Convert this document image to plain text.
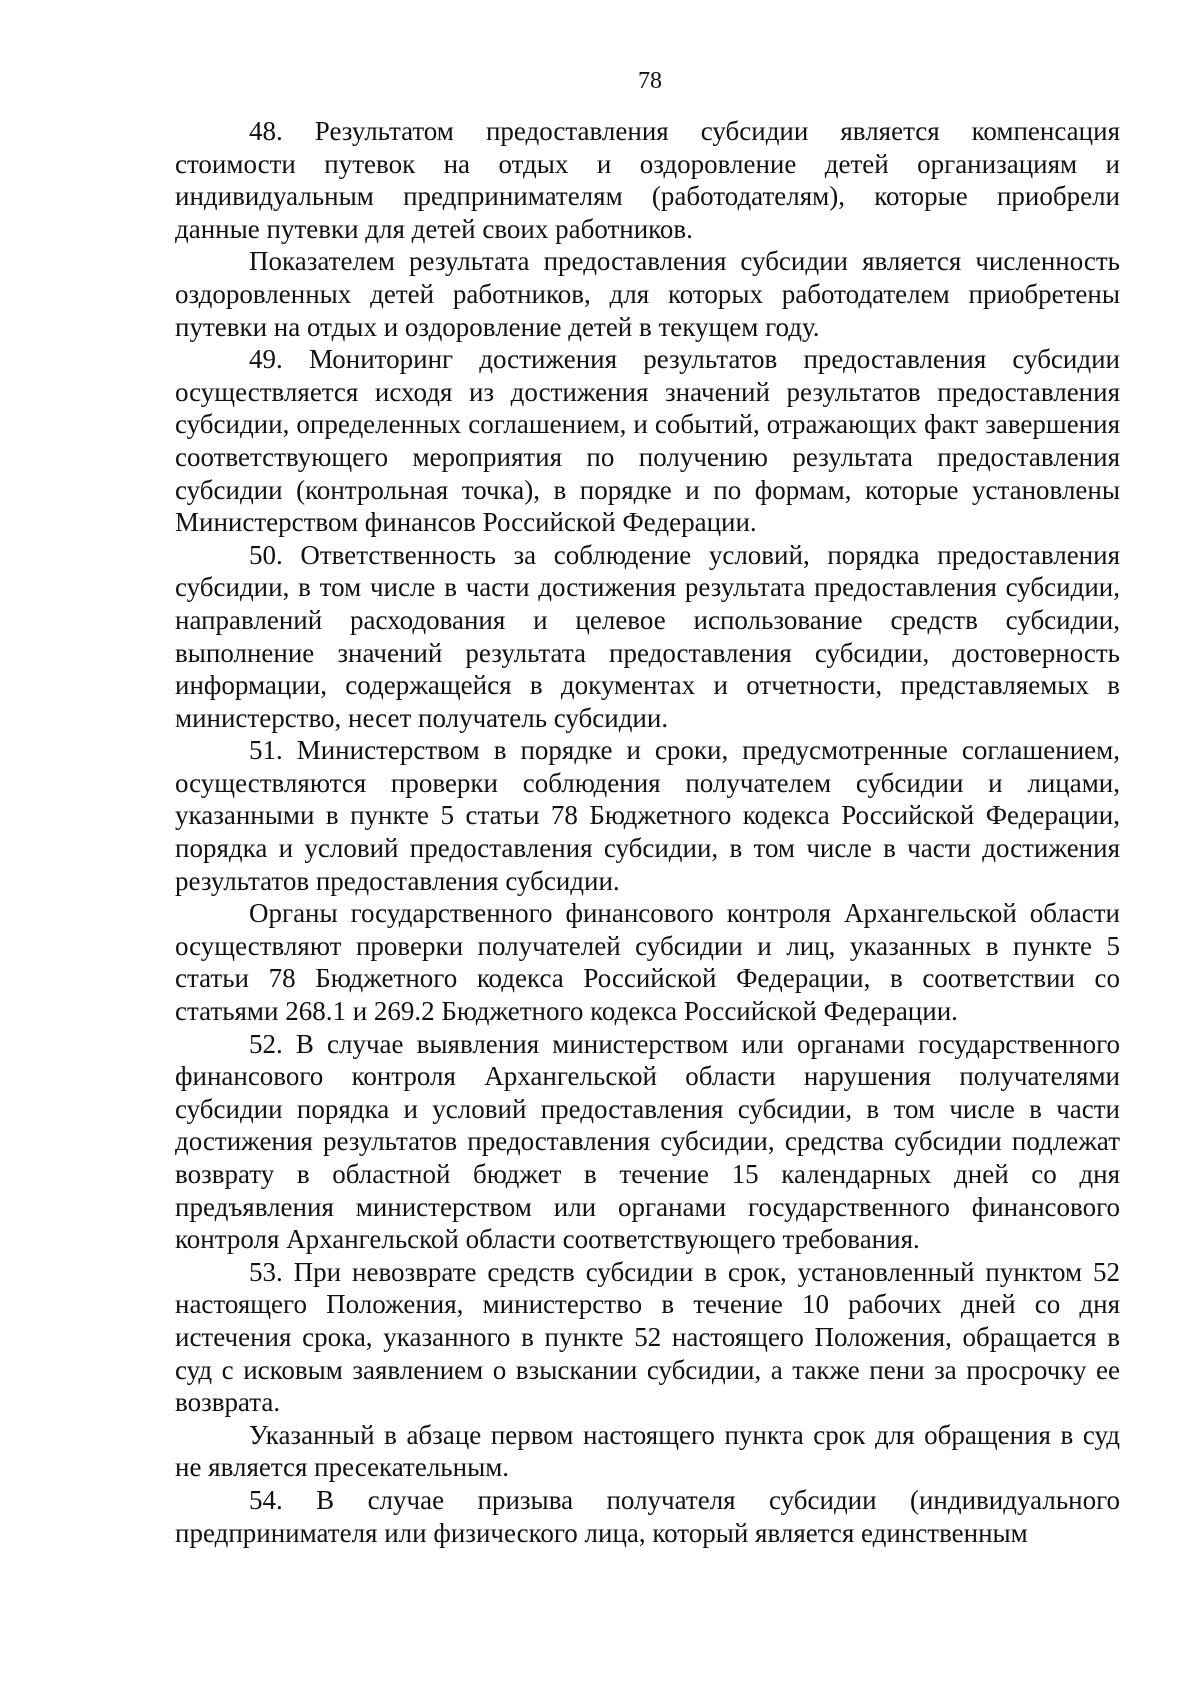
78

48. Результатом предоставления субсидии является компенсация стоимости путевок на отдых и оздоровление детей организациям и индивидуальным предпринимателям (работодателям), которые приобрели данные путевки для детей своих работников.

Показателем результата предоставления субсидии является численность оздоровленных детей работников, для которых работодателем приобретены путевки на отдых и оздоровление детей в текущем году.

49. Мониторинг достижения результатов предоставления субсидии осуществляется исходя из достижения значений результатов предоставления субсидии, определенных соглашением, и событий, отражающих факт завершения соответствующего мероприятия по получению результата предоставления субсидии (контрольная точка), в порядке и по формам, которые установлены Министерством финансов Российской Федерации.

50. Ответственность за соблюдение условий, порядка предоставления субсидии, в том числе в части достижения результата предоставления субсидии, направлений расходования и целевое использование средств субсидии, выполнение значений результата предоставления субсидии, достоверность информации, содержащейся в документах и отчетности, представляемых в министерство, несет получатель субсидии.

51. Министерством в порядке и сроки, предусмотренные соглашением, осуществляются проверки соблюдения получателем субсидии и лицами, указанными в пункте 5 статьи 78 Бюджетного кодекса Российской Федерации, порядка и условий предоставления субсидии, в том числе в части достижения результатов предоставления субсидии.

Органы государственного финансового контроля Архангельской области осуществляют проверки получателей субсидии и лиц, указанных в пункте 5 статьи 78 Бюджетного кодекса Российской Федерации, в соответствии со статьями 268.1 и 269.2 Бюджетного кодекса Российской Федерации.

52. В случае выявления министерством или органами государственного финансового контроля Архангельской области нарушения получателями субсидии порядка и условий предоставления субсидии, в том числе в части достижения результатов предоставления субсидии, средства субсидии подлежат возврату в областной бюджет в течение 15 календарных дней со дня предъявления министерством или органами государственного финансового контроля Архангельской области соответствующего требования.

53. При невозврате средств субсидии в срок, установленный пунктом 52 настоящего Положения, министерство в течение 10 рабочих дней со дня истечения срока, указанного в пункте 52 настоящего Положения, обращается в суд с исковым заявлением о взыскании субсидии, а также пени за просрочку ее возврата.

Указанный в абзаце первом настоящего пункта срок для обращения в суд не является пресекательным.

54. В случае призыва получателя субсидии (индивидуального предпринимателя или физического лица, который является единственным
